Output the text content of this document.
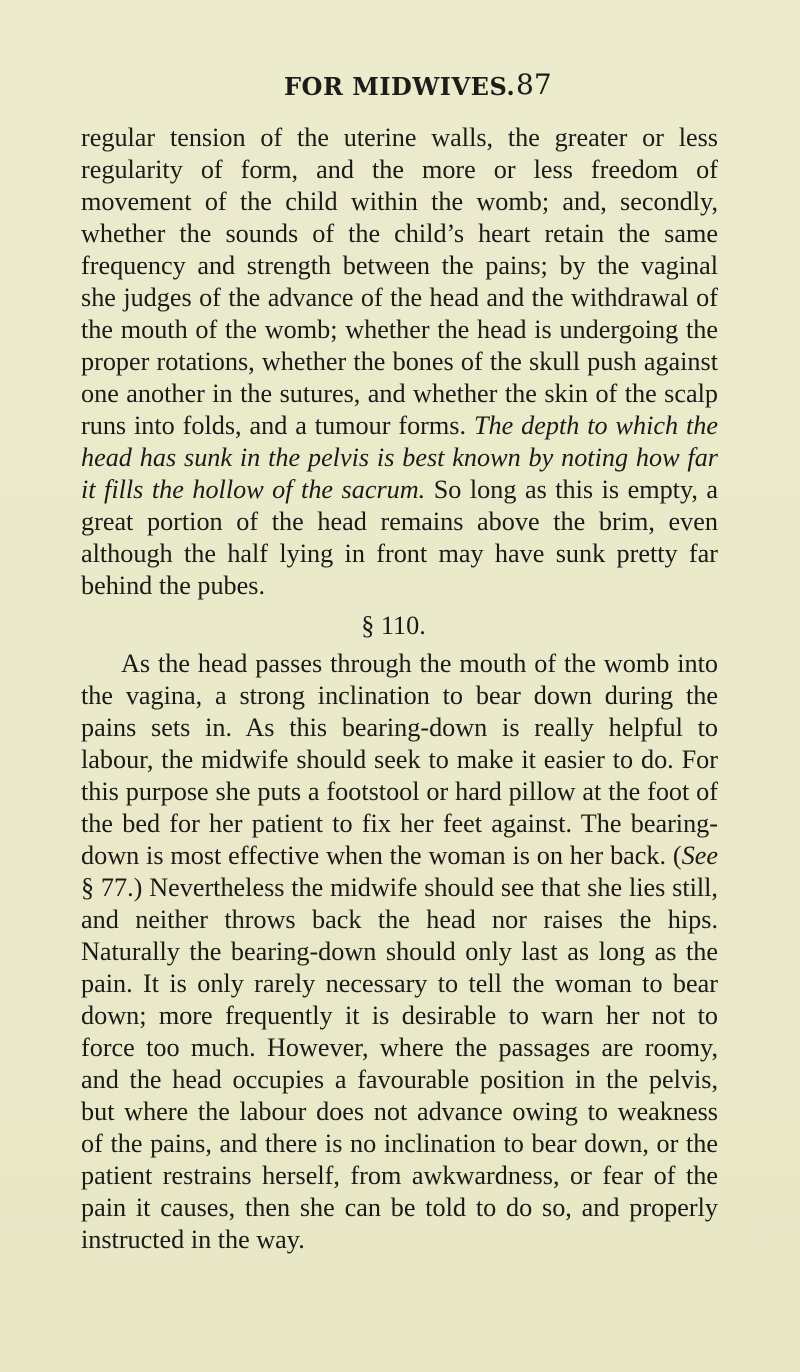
FOR MIDWIVES. 87

regular tension of the uterine walls, the greater or less regularity of form, and the more or less freedom of movement of the child within the womb; and, secondly, whether the sounds of the child’s heart retain the same frequency and strength between the pains; by the vaginal she judges of the advance of the head and the withdrawal of the mouth of the womb; whether the head is undergoing the proper rotations, whether the bones of the skull push against one another in the sutures, and whether the skin of the scalp runs into folds, and a tumour forms. The depth to which the head has sunk in the pelvis is best known by noting how far it fills the hollow of the sacrum. So long as this is empty, a great portion of the head remains above the brim, even although the half lying in front may have sunk pretty far behind the pubes.

§ 110.

As the head passes through the mouth of the womb into the vagina, a strong inclination to bear down during the pains sets in. As this bearing-down is really helpful to labour, the midwife should seek to make it easier to do. For this purpose she puts a footstool or hard pillow at the foot of the bed for her patient to fix her feet against. The bearing-down is most effective when the woman is on her back. (See § 77.) Nevertheless the midwife should see that she lies still, and neither throws back the head nor raises the hips. Naturally the bearing-down should only last as long as the pain. It is only rarely necessary to tell the woman to bear down; more frequently it is desirable to warn her not to force too much. However, where the passages are roomy, and the head occupies a favourable position in the pelvis, but where the labour does not advance owing to weakness of the pains, and there is no inclination to bear down, or the patient restrains herself, from awkwardness, or fear of the pain it causes, then she can be told to do so, and properly instructed in the way.
